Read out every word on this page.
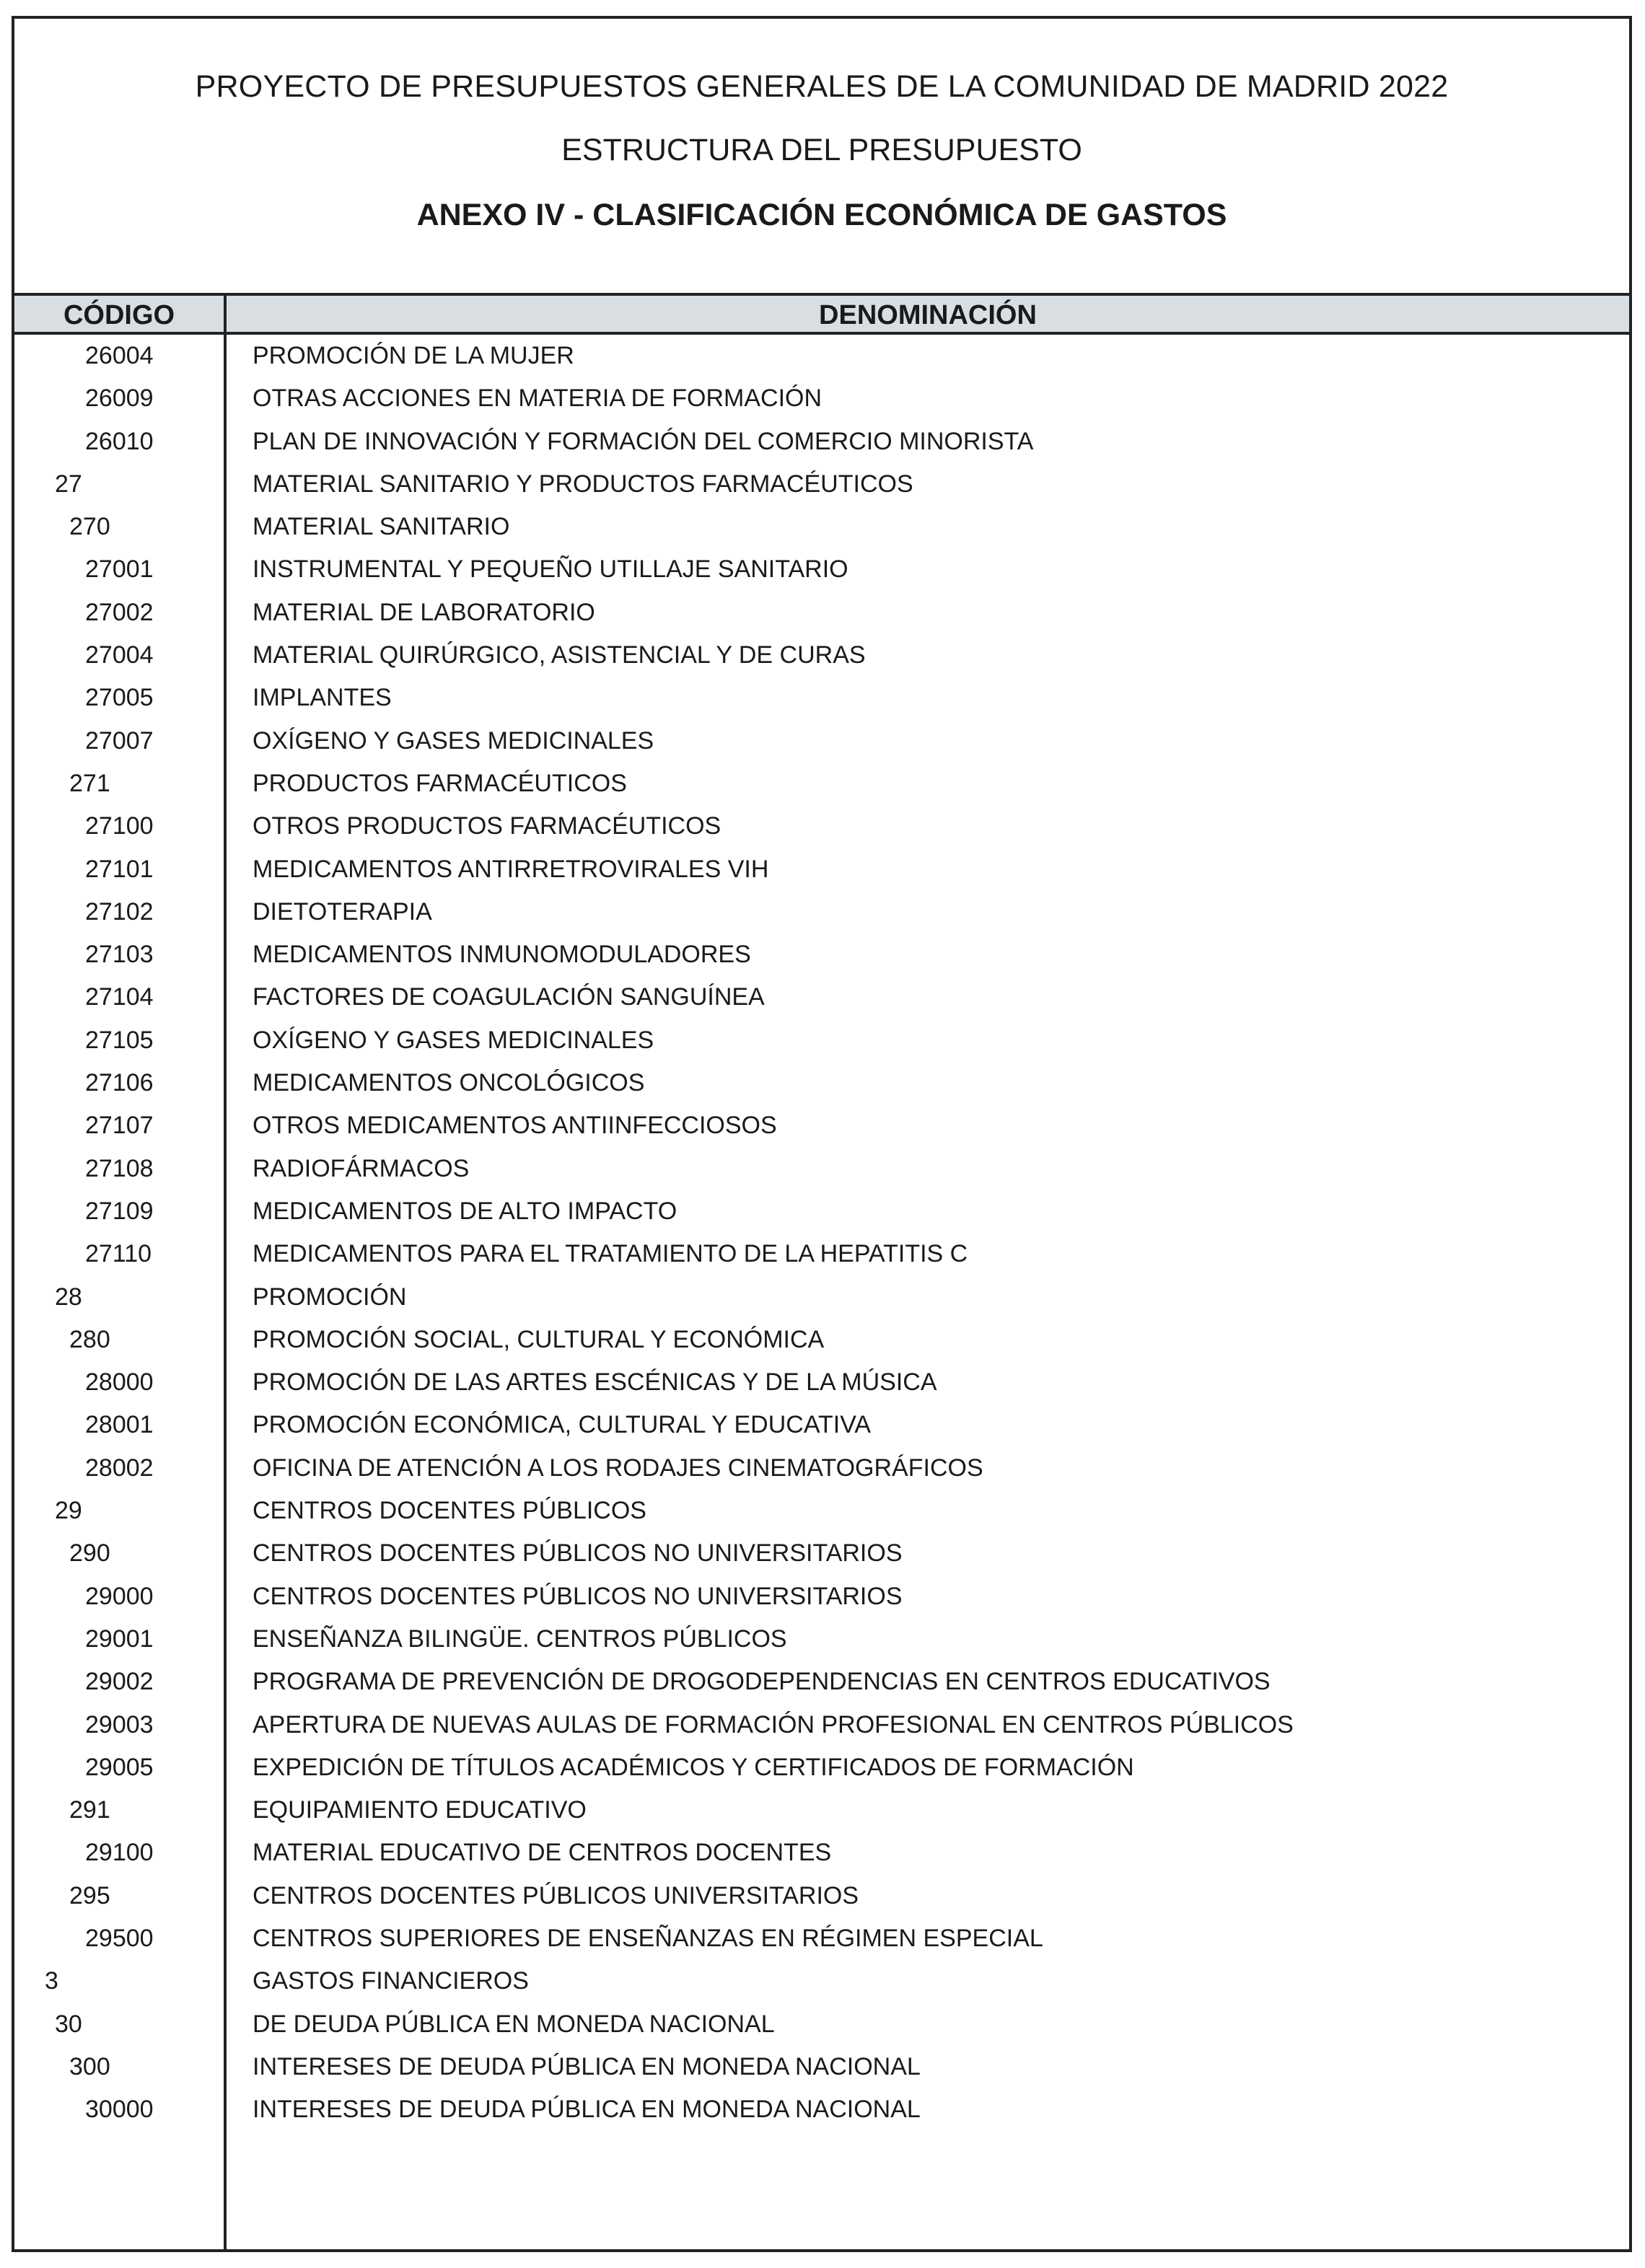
PROYECTO DE PRESUPUESTOS GENERALES DE LA COMUNIDAD DE MADRID 2022
ESTRUCTURA DEL PRESUPUESTO
ANEXO IV - CLASIFICACIÓN ECONÓMICA DE GASTOS
CÓDIGO	DENOMINACIÓN
26004	PROMOCIÓN DE LA MUJER
26009	OTRAS ACCIONES EN MATERIA DE FORMACIÓN
26010	PLAN DE INNOVACIÓN Y FORMACIÓN DEL COMERCIO MINORISTA
27	MATERIAL SANITARIO Y PRODUCTOS FARMACÉUTICOS
270	MATERIAL SANITARIO
27001	INSTRUMENTAL Y PEQUEÑO UTILLAJE SANITARIO
27002	MATERIAL DE LABORATORIO
27004	MATERIAL QUIRÚRGICO, ASISTENCIAL Y DE CURAS
27005	IMPLANTES
27007	OXÍGENO Y GASES MEDICINALES
271	PRODUCTOS FARMACÉUTICOS
27100	OTROS PRODUCTOS FARMACÉUTICOS
27101	MEDICAMENTOS ANTIRRETROVIRALES VIH
27102	DIETOTERAPIA
27103	MEDICAMENTOS INMUNOMODULADORES
27104	FACTORES DE COAGULACIÓN SANGUÍNEA
27105	OXÍGENO Y GASES MEDICINALES
27106	MEDICAMENTOS ONCOLÓGICOS
27107	OTROS MEDICAMENTOS ANTIINFECCIOSOS
27108	RADIOFÁRMACOS
27109	MEDICAMENTOS DE ALTO IMPACTO
27110	MEDICAMENTOS PARA EL TRATAMIENTO DE LA HEPATITIS C
28	PROMOCIÓN
280	PROMOCIÓN SOCIAL, CULTURAL Y ECONÓMICA
28000	PROMOCIÓN DE LAS ARTES ESCÉNICAS Y DE LA MÚSICA
28001	PROMOCIÓN ECONÓMICA, CULTURAL Y EDUCATIVA
28002	OFICINA DE ATENCIÓN A LOS RODAJES CINEMATOGRÁFICOS
29	CENTROS DOCENTES PÚBLICOS
290	CENTROS DOCENTES PÚBLICOS NO UNIVERSITARIOS
29000	CENTROS DOCENTES PÚBLICOS NO UNIVERSITARIOS
29001	ENSEÑANZA BILINGÜE. CENTROS PÚBLICOS
29002	PROGRAMA DE PREVENCIÓN DE DROGODEPENDENCIAS EN CENTROS EDUCATIVOS
29003	APERTURA DE NUEVAS AULAS DE FORMACIÓN PROFESIONAL EN CENTROS PÚBLICOS
29005	EXPEDICIÓN DE TÍTULOS ACADÉMICOS Y CERTIFICADOS DE FORMACIÓN
291	EQUIPAMIENTO EDUCATIVO
29100	MATERIAL EDUCATIVO DE CENTROS DOCENTES
295	CENTROS DOCENTES PÚBLICOS UNIVERSITARIOS
29500	CENTROS SUPERIORES DE ENSEÑANZAS EN RÉGIMEN ESPECIAL
3	GASTOS FINANCIEROS
30	DE DEUDA PÚBLICA EN MONEDA NACIONAL
300	INTERESES DE DEUDA PÚBLICA EN MONEDA NACIONAL
30000	INTERESES DE DEUDA PÚBLICA EN MONEDA NACIONAL
